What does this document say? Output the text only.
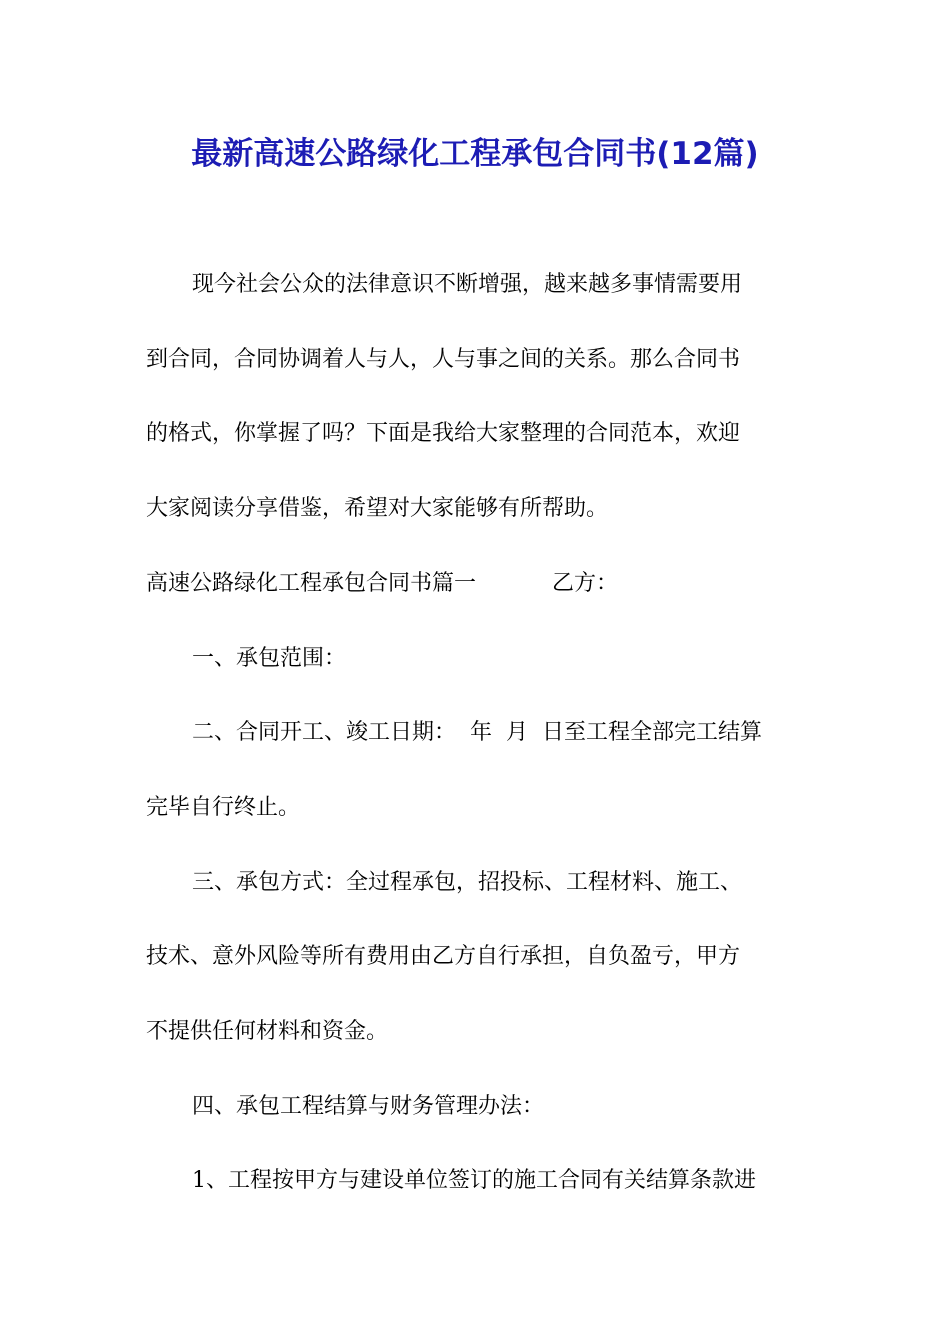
最新高速公路绿化工程承包合同书(12篇)
现今社会公众的法律意识不断增强，越来越多事情需要用
到合同，合同协调着人与人，人与事之间的关系。那么合同书
的格式，你掌握了吗？下面是我给大家整理的合同范本，欢迎
大家阅读分享借鉴，希望对大家能够有所帮助。
高速公路绿化工程承包合同书篇一	乙方：
一、承包范围：
二、合同开工、竣工日期：  年  月  日至工程全部完工结算
完毕自行终止。
三、承包方式：全过程承包，招投标、工程材料、施工、
技术、意外风险等所有费用由乙方自行承担，自负盈亏，甲方
不提供任何材料和资金。
四、承包工程结算与财务管理办法：
1、工程按甲方与建设单位签订的施工合同有关结算条款进
